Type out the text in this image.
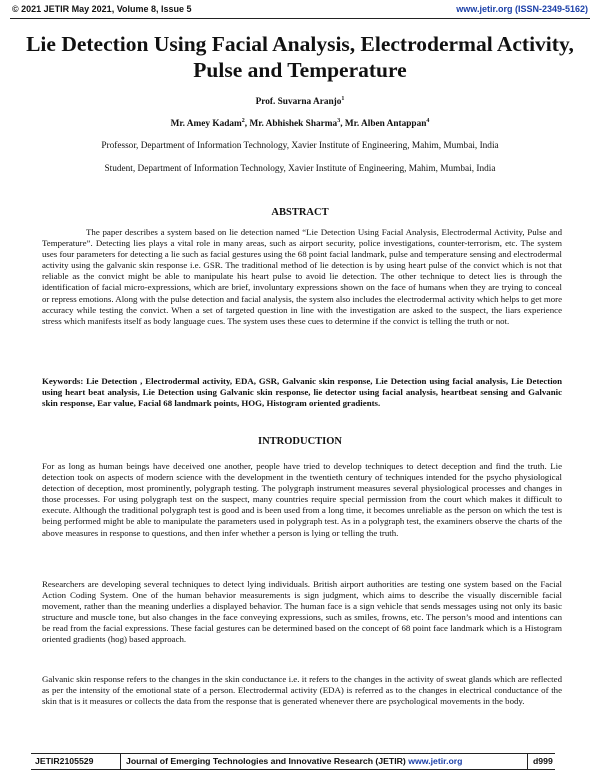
© 2021 JETIR May 2021, Volume 8, Issue 5	www.jetir.org (ISSN-2349-5162)
Lie Detection Using Facial Analysis, Electrodermal Activity, Pulse and Temperature
Prof. Suvarna Aranjo$^1$
Mr. Amey Kadam$^2$, Mr. Abhishek Sharma$^3$, Mr. Alben Antappan$^4$
Professor, Department of Information Technology, Xavier Institute of Engineering, Mahim, Mumbai, India
Student, Department of Information Technology, Xavier Institute of Engineering, Mahim, Mumbai, India
ABSTRACT
The paper describes a system based on lie detection named “Lie Detection Using Facial Analysis, Electrodermal Activity, Pulse and Temperature”. Detecting lies plays a vital role in many areas, such as airport security, police investigations, counter-terrorism, etc. The system uses four parameters for detecting a lie such as facial gestures using the 68 point facial landmark, pulse and temperature sensing and electrodermal activity using the galvanic skin response i.e. GSR. The traditional method of lie detection is by using heart pulse of the convict which is not that reliable as the convict might be able to manipulate his heart pulse to avoid lie detection. The other technique to detect lies is through the identification of facial micro-expressions, which are brief, involuntary expressions shown on the face of humans when they are trying to conceal or repress emotions. Along with the pulse detection and facial analysis, the system also includes the electrodermal activity which helps to get more accuracy while testing the convict. When a set of targeted question in line with the investigation are asked to the suspect, the liars experience stress which manifests itself as body language cues. The system uses these cues to determine if the convict is telling the truth or not.
Keywords: Lie Detection , Electrodermal activity, EDA, GSR, Galvanic skin response, Lie Detection using facial analysis, Lie Detection using heart beat analysis, Lie Detection using Galvanic skin response, lie detector using facial analysis, heartbeat sensing and Galvanic skin response, Ear value, Facial 68 landmark points, HOG, Histogram oriented gradients.
INTRODUCTION
For as long as human beings have deceived one another, people have tried to develop techniques to detect deception and find the truth. Lie detection took on aspects of modern science with the development in the twentieth century of techniques intended for the psycho physiological detection of deception, most prominently, polygraph testing. The polygraph instrument measures several physiological processes and changes in those processes. For using polygraph test on the suspect, many countries require special permission from the court which makes it difficult to execute. Although the traditional polygraph test is good and is been used from a long time, it becomes unreliable as the person on which the test is being performed might be able to manipulate the parameters used in polygraph test. As in a polygraph test, the examiners observe the charts of the above measures in response to questions, and then infer whether a person is lying or telling the truth.
Researchers are developing several techniques to detect lying individuals. British airport authorities are testing one system based on the Facial Action Coding System. One of the human behavior measurements is sign judgment, which aims to describe the visually discernible facial movement, rather than the meaning underlies a displayed behavior. The human face is a sign vehicle that sends messages using not only its basic structure and muscle tone, but also changes in the face conveying expressions, such as smiles, frowns, etc. The person’s mood and intentions can be read from the facial expressions. These facial gestures can be determined based on the concept of 68 point face landmark which is a Histogram oriented gradients (hog) based approach.
Galvanic skin response refers to the changes in the skin conductance i.e. it refers to the changes in the activity of sweat glands which are reflected as per the intensity of the emotional state of a person. Electrodermal activity (EDA) is referred as to the changes in electrical conductance of the skin that is it measures or collects the data from the response that is generated whenever there are psychological movements in the body.
JETIR2105529	Journal of Emerging Technologies and Innovative Research (JETIR) www.jetir.org	d999
